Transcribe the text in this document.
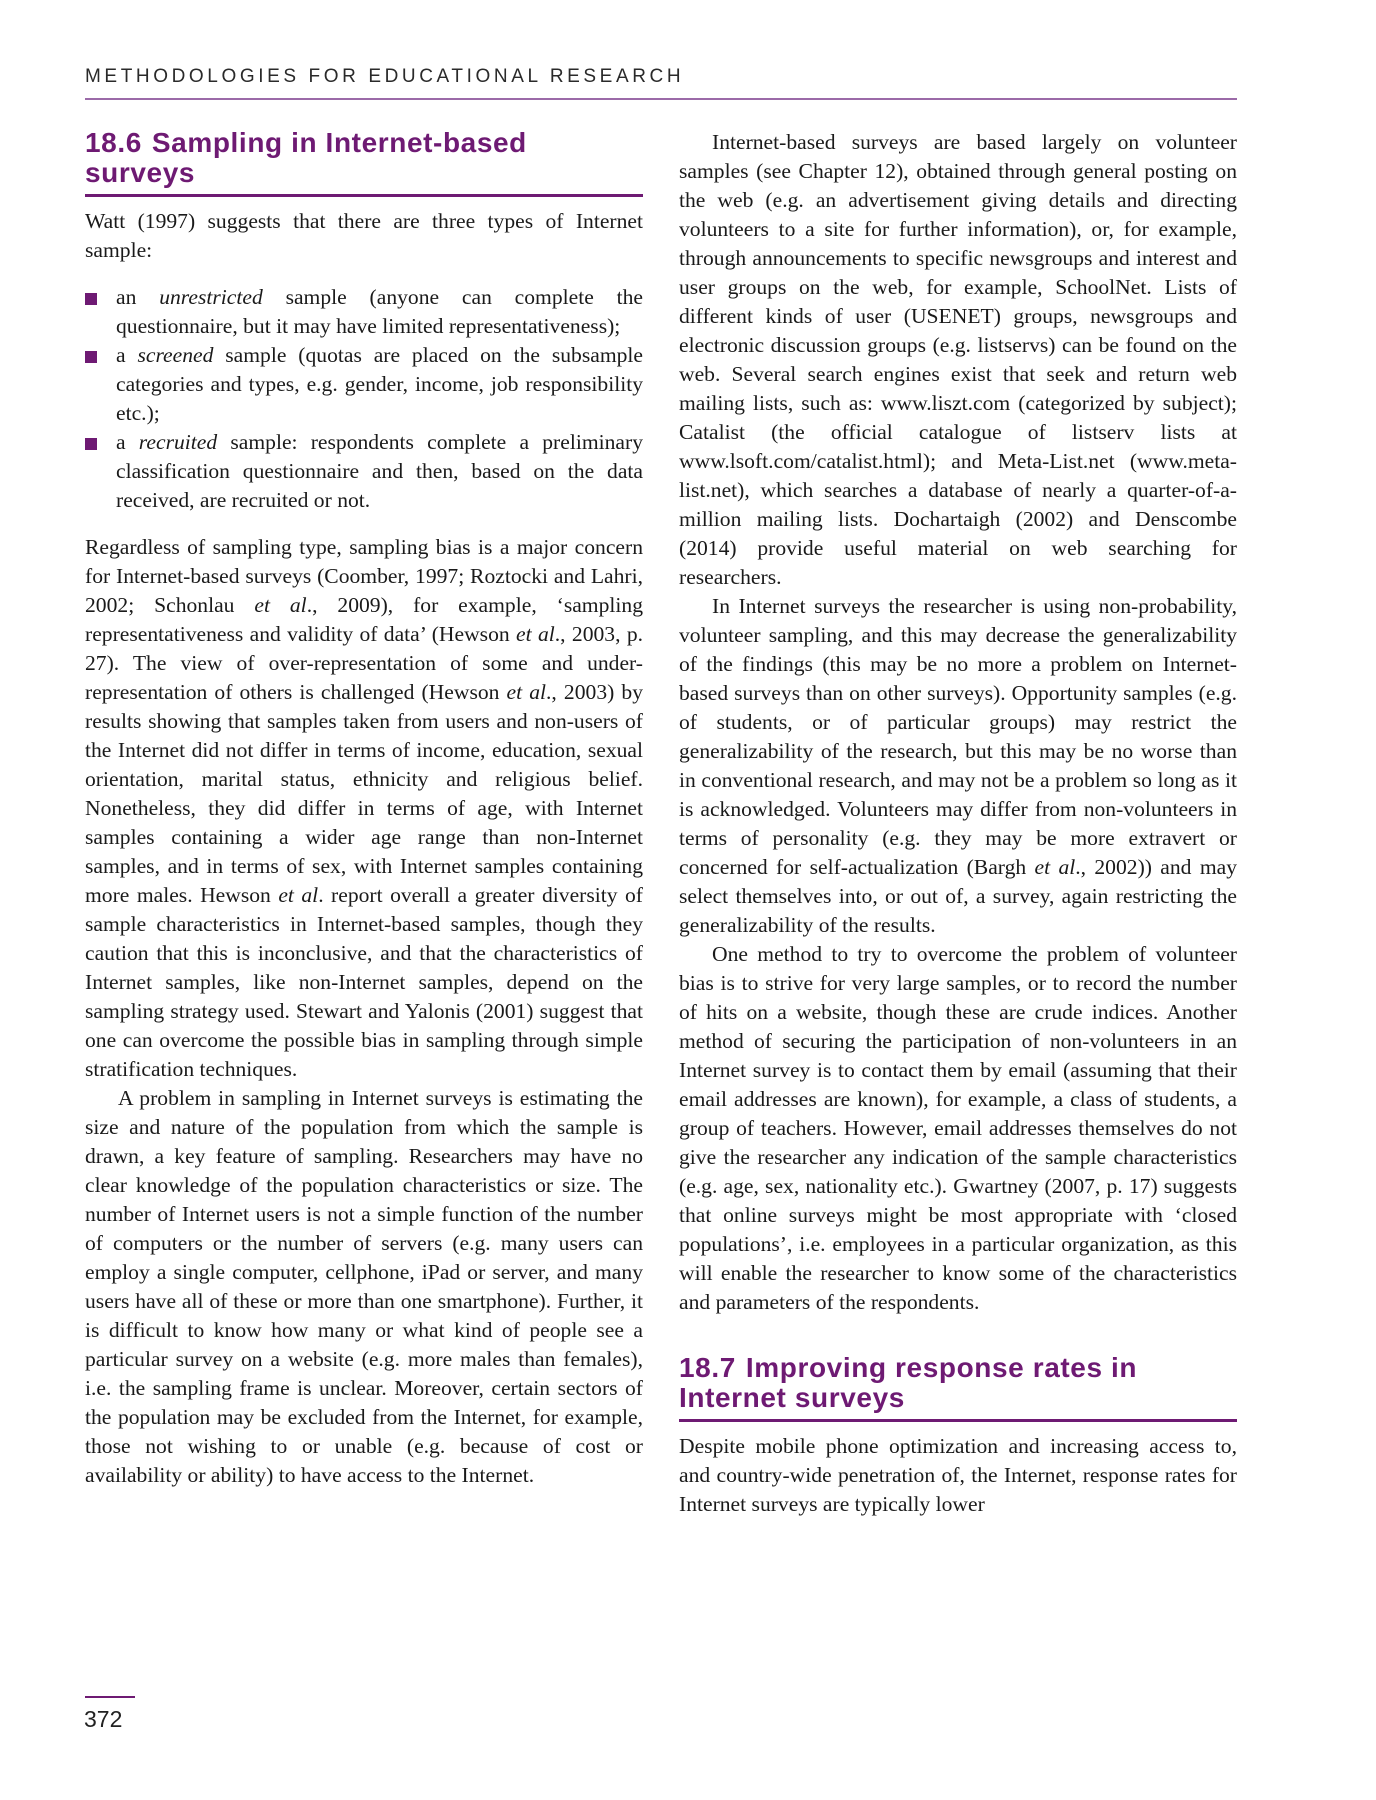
METHODOLOGIES FOR EDUCATIONAL RESEARCH
18.6 Sampling in Internet-based surveys

Watt (1997) suggests that there are three types of Internet sample:

an unrestricted sample (anyone can complete the questionnaire, but it may have limited representativeness);
a screened sample (quotas are placed on the subsample categories and types, e.g. gender, income, job responsibility etc.);
a recruited sample: respondents complete a preliminary classification questionnaire and then, based on the data received, are recruited or not.

Regardless of sampling type, sampling bias is a major concern for Internet-based surveys (Coomber, 1997; Roztocki and Lahri, 2002; Schonlau et al., 2009), for example, ‘sampling representativeness and validity of data’ (Hewson et al., 2003, p. 27). The view of over-representation of some and under-representation of others is challenged (Hewson et al., 2003) by results showing that samples taken from users and non-users of the Internet did not differ in terms of income, education, sexual orientation, marital status, ethnicity and religious belief. Nonetheless, they did differ in terms of age, with Internet samples containing a wider age range than non-Internet samples, and in terms of sex, with Internet samples containing more males. Hewson et al. report overall a greater diversity of sample characteristics in Internet-based samples, though they caution that this is inconclusive, and that the characteristics of Internet samples, like non-Internet samples, depend on the sampling strategy used. Stewart and Yalonis (2001) suggest that one can overcome the possible bias in sampling through simple stratification techniques.

A problem in sampling in Internet surveys is estimating the size and nature of the population from which the sample is drawn, a key feature of sampling. Researchers may have no clear knowledge of the population characteristics or size. The number of Internet users is not a simple function of the number of computers or the number of servers (e.g. many users can employ a single computer, cellphone, iPad or server, and many users have all of these or more than one smartphone). Further, it is difficult to know how many or what kind of people see a particular survey on a website (e.g. more males than females), i.e. the sampling frame is unclear. Moreover, certain sectors of the population may be excluded from the Internet, for example, those not wishing to or unable (e.g. because of cost or availability or ability) to have access to the Internet.

Internet-based surveys are based largely on volunteer samples (see Chapter 12), obtained through general posting on the web (e.g. an advertisement giving details and directing volunteers to a site for further information), or, for example, through announcements to specific newsgroups and interest and user groups on the web, for example, SchoolNet. Lists of different kinds of user (USENET) groups, newsgroups and electronic discussion groups (e.g. listservs) can be found on the web. Several search engines exist that seek and return web mailing lists, such as: www.liszt.com (categorized by subject); Catalist (the official catalogue of listserv lists at www.lsoft.com/catalist.html); and Meta-List.net (www.meta-list.net), which searches a database of nearly a quarter-of-a-million mailing lists. Dochartaigh (2002) and Denscombe (2014) provide useful material on web searching for researchers.

In Internet surveys the researcher is using non-probability, volunteer sampling, and this may decrease the generalizability of the findings (this may be no more a problem on Internet-based surveys than on other surveys). Opportunity samples (e.g. of students, or of particular groups) may restrict the generalizability of the research, but this may be no worse than in conventional research, and may not be a problem so long as it is acknowledged. Volunteers may differ from non-volunteers in terms of personality (e.g. they may be more extravert or concerned for self-actualization (Bargh et al., 2002)) and may select themselves into, or out of, a survey, again restricting the generalizability of the results.

One method to try to overcome the problem of volunteer bias is to strive for very large samples, or to record the number of hits on a website, though these are crude indices. Another method of securing the participation of non-volunteers in an Internet survey is to contact them by email (assuming that their email addresses are known), for example, a class of students, a group of teachers. However, email addresses themselves do not give the researcher any indication of the sample characteristics (e.g. age, sex, nationality etc.). Gwartney (2007, p. 17) suggests that online surveys might be most appropriate with ‘closed populations’, i.e. employees in a particular organization, as this will enable the researcher to know some of the characteristics and parameters of the respondents.

18.7 Improving response rates in Internet surveys

Despite mobile phone optimization and increasing access to, and country-wide penetration of, the Internet, response rates for Internet surveys are typically lower

372
